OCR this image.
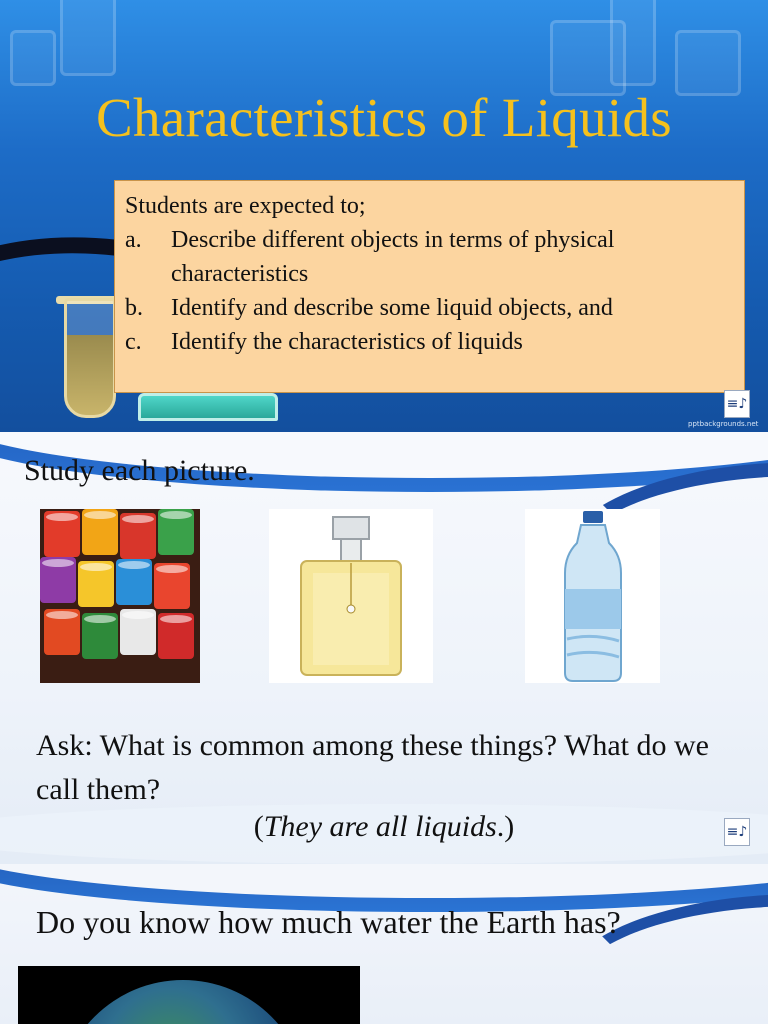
Characteristics of Liquids
Students are expected to;
a.	Describe different objects in terms of physical
characteristics
b.	Identify and describe some liquid objects, and
c.	Identify the characteristics of liquids
≡♪
pptbackgrounds.net
Study each picture.
Ask: What is common among these things? What do we call them?
(They are all liquids.)	≡♪
Do you know how much water the Earth has?
